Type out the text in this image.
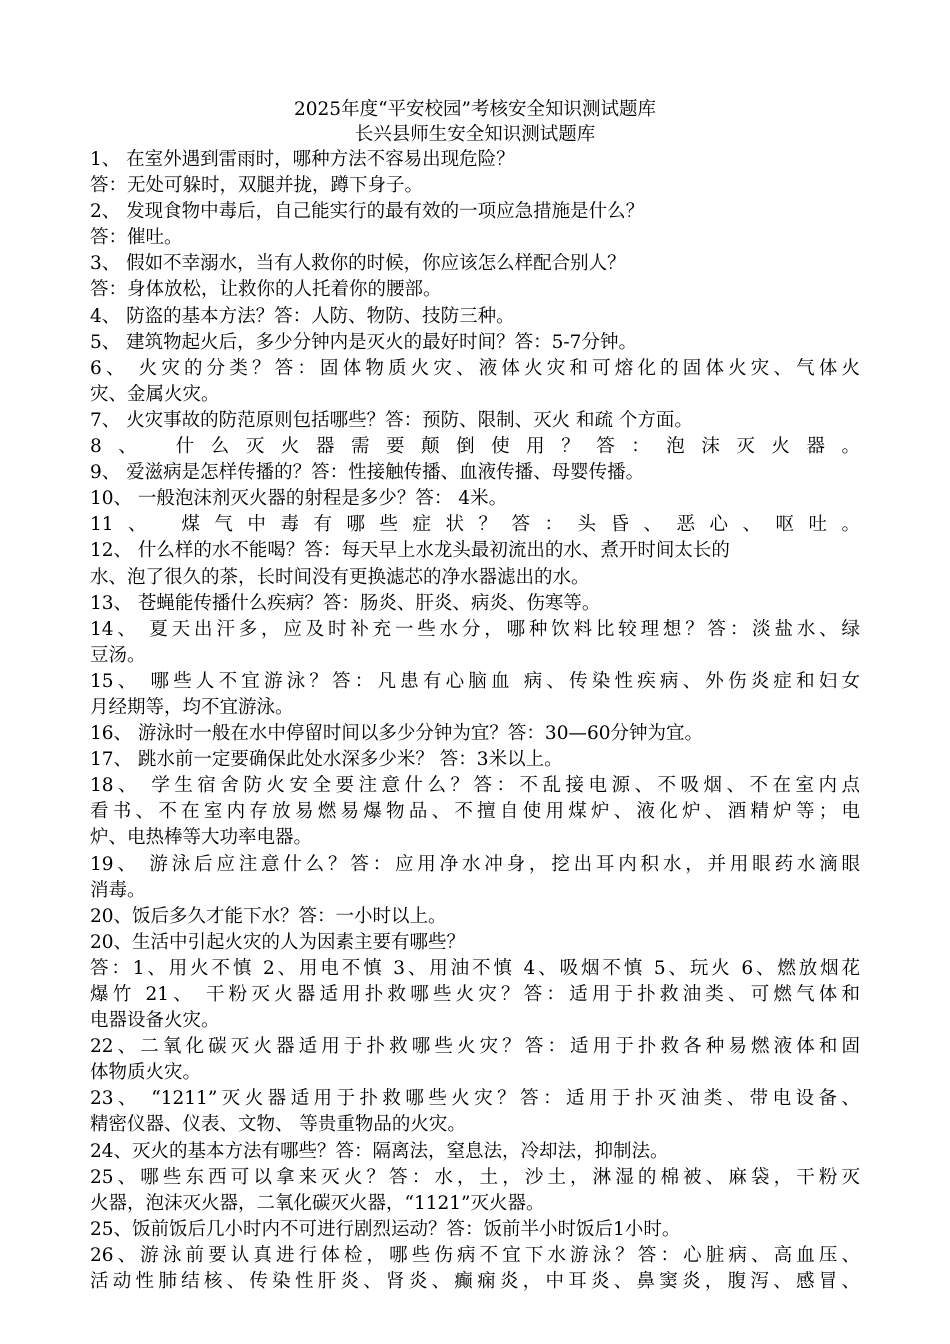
2025年度“平安校园”考核安全知识测试题库
长兴县师生安全知识测试题库
1、 在室外遇到雷雨时，哪种方法不容易出现危险？
答：无处可躲时，双腿并拢，蹲下身子。
2、 发现食物中毒后，自己能实行的最有效的一项应急措施是什么？
答：催吐。
3、 假如不幸溺水，当有人救你的时候，你应该怎么样配合别人？
答：身体放松，让救你的人托着你的腰部。
4、 防盗的基本方法？答：人防、物防、技防三种。
5、 建筑物起火后，多少分钟内是灭火的最好时间？答：5-7分钟。
6、 火灾的分类？答：固体物质火灾、液体火灾和可熔化的固体火灾、气体火
灾、金属火灾。
7、 火灾事故的防范原则包括哪些？答：预防、限制、灭火 和疏 个方面。
8、 什么灭火器需要颠倒使用？答：泡沫灭火器。
9、 爱滋病是怎样传播的？答：性接触传播、血液传播、母婴传播。
10、 一般泡沫剂灭火器的射程是多少？答： 4米。
11、 煤气中毒有哪些症状？答：头昏、恶心、呕吐。
12、 什么样的水不能喝？答：每天早上水龙头最初流出的水、煮开时间太长的
水、泡了很久的茶，长时间没有更换滤芯的净水器滤出的水。
13、 苍蝇能传播什么疾病？答：肠炎、肝炎、病炎、伤寒等。
14、 夏天出汗多，应及时补充一些水分，哪种饮料比较理想？答：淡盐水、绿
豆汤。
15、 哪些人不宜游泳？答：凡患有心脑血 病、传染性疾病、外伤炎症和妇女
月经期等，均不宜游泳。
16、 游泳时一般在水中停留时间以多少分钟为宜？答：30—60分钟为宜。
17、 跳水前一定要确保此处水深多少米？ 答：3米以上。
18、 学生宿舍防火安全要注意什么？答：不乱接电源、不吸烟、不在室内点
看书、不在室内存放易燃易爆物品、不擅自使用煤炉、液化炉、酒精炉等；电
炉、电热棒等大功率电器。
19、 游泳后应注意什么？答：应用净水冲身，挖出耳内积水，并用眼药水滴眼
消毒。
20、饭后多久才能下水？答：一小时以上。
20、生活中引起火灾的人为因素主要有哪些？
答：1、用火不慎 2、用电不慎 3、用油不慎 4、吸烟不慎 5、玩火 6、燃放烟花
爆竹 21、 干粉灭火器适用扑救哪些火灾？答：适用于扑救油类、可燃气体和
电器设备火灾。
22、二氧化碳灭火器适用于扑救哪些火灾？答：适用于扑救各种易燃液体和固
体物质火灾。
23、 “1211”灭火器适用于扑救哪些火灾？答：适用于扑灭油类、带电设备、
精密仪器、仪表、文物、 等贵重物品的火灾。
24、灭火的基本方法有哪些？答：隔离法，窒息法，冷却法，抑制法。
25、哪些东西可以拿来灭火？答：水，土，沙土，淋湿的棉被、麻袋，干粉灭
火器，泡沫灭火器，二氧化碳灭火器，“1121”灭火器。
25、饭前饭后几小时内不可进行剧烈运动？答：饭前半小时饭后1小时。
26、游泳前要认真进行体检，哪些伤病不宜下水游泳？答：心脏病、高血压、
活动性肺结核、传染性肝炎、肾炎、癫痫炎，中耳炎、鼻窦炎，腹泻、感冒、
